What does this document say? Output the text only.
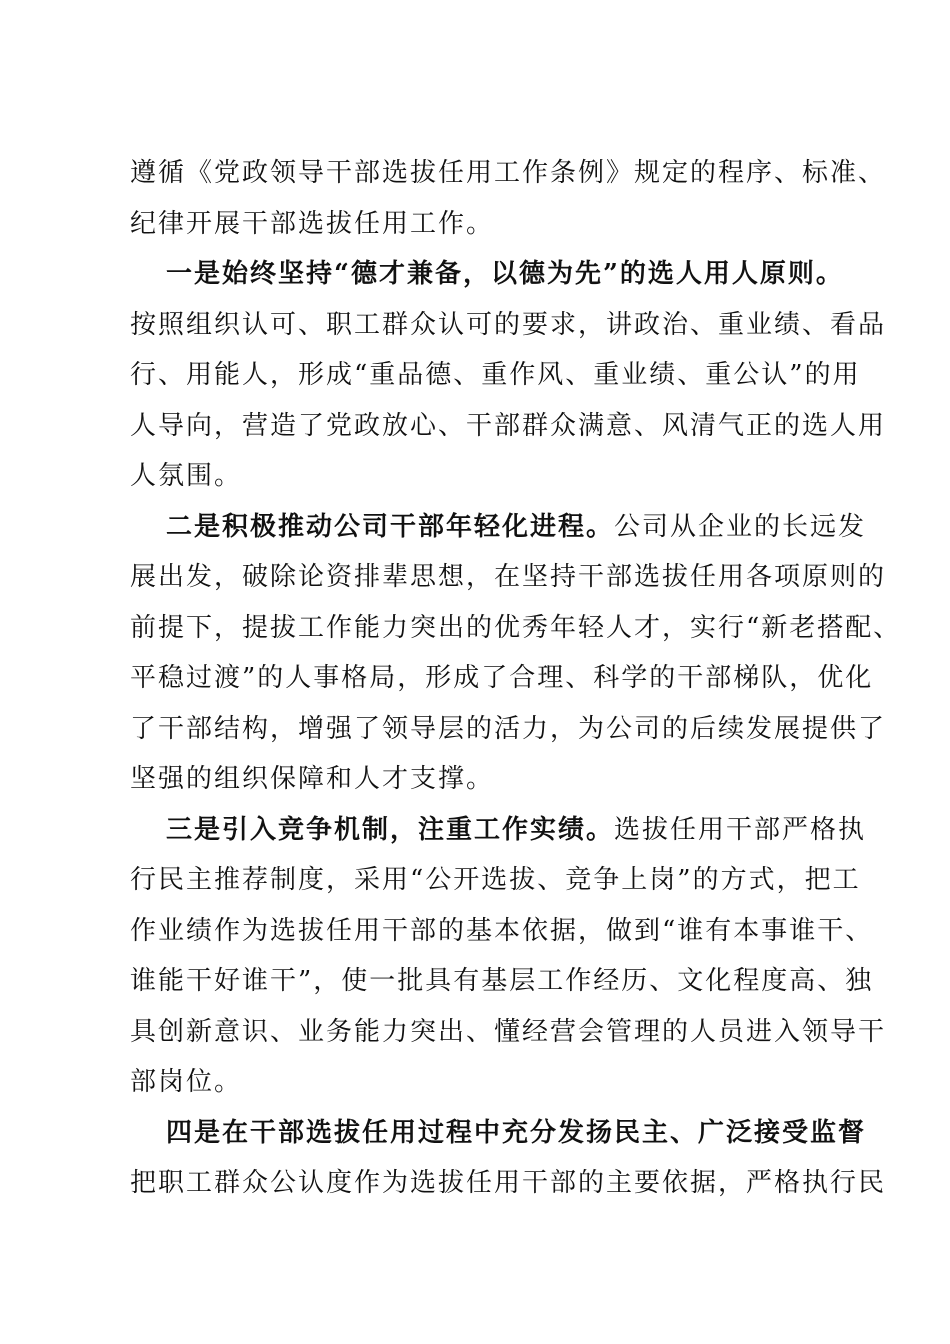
遵循《党政领导干部选拔任用工作条例》规定的程序、标准、
纪律开展干部选拔任用工作。
一是始终坚持“德才兼备，以德为先”的选人用人原则。
按照组织认可、职工群众认可的要求，讲政治、重业绩、看品
行、用能人，形成“重品德、重作风、重业绩、重公认”的用
人导向，营造了党政放心、干部群众满意、风清气正的选人用
人氛围。
二是积极推动公司干部年轻化进程。公司从企业的长远发
展出发，破除论资排辈思想，在坚持干部选拔任用各项原则的
前提下，提拔工作能力突出的优秀年轻人才，实行“新老搭配、
平稳过渡”的人事格局，形成了合理、科学的干部梯队，优化
了干部结构，增强了领导层的活力，为公司的后续发展提供了
坚强的组织保障和人才支撑。
三是引入竞争机制，注重工作实绩。选拔任用干部严格执
行民主推荐制度，采用“公开选拔、竞争上岗”的方式，把工
作业绩作为选拔任用干部的基本依据，做到“谁有本事谁干、
谁能干好谁干”，使一批具有基层工作经历、文化程度高、独
具创新意识、业务能力突出、懂经营会管理的人员进入领导干
部岗位。
四是在干部选拔任用过程中充分发扬民主、广泛接受监督
把职工群众公认度作为选拔任用干部的主要依据，严格执行民
